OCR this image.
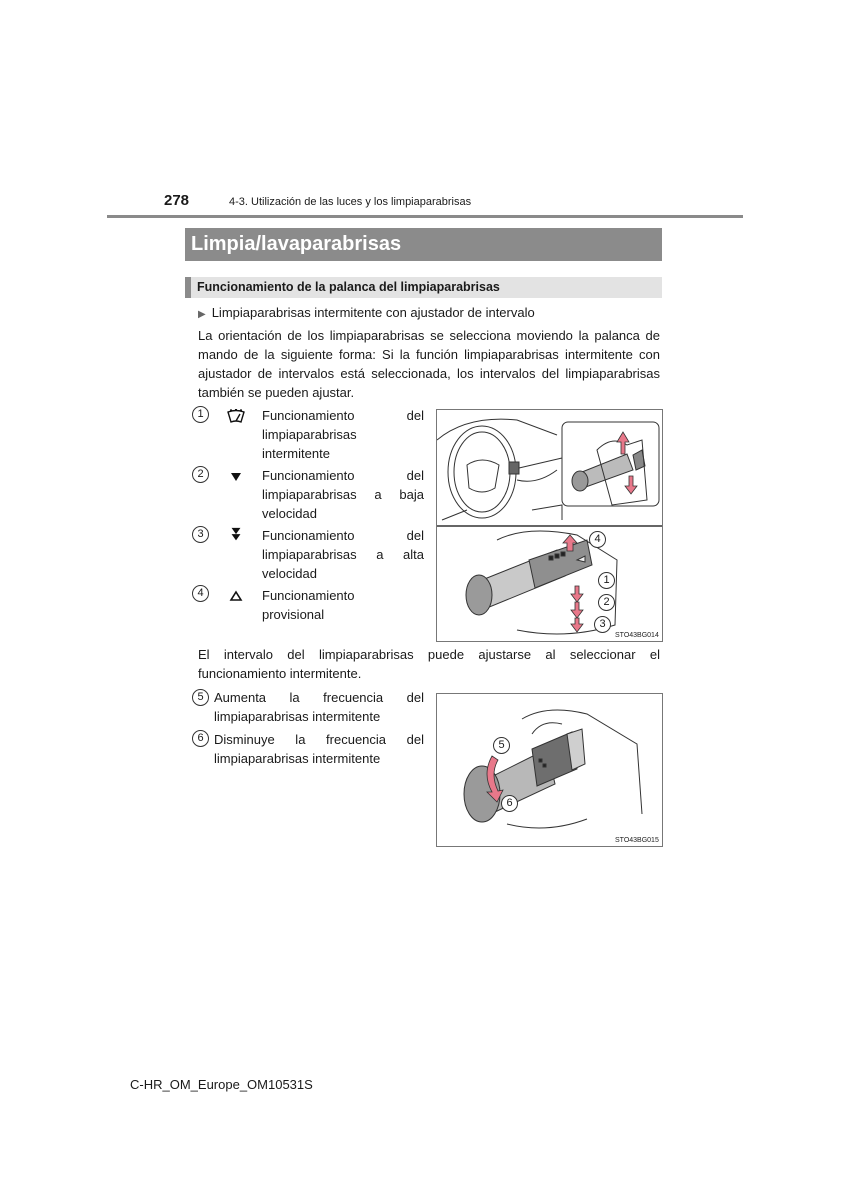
278	4-3. Utilización de las luces y los limpiaparabrisas
Limpia/lavaparabrisas
Funcionamiento de la palanca del limpiaparabrisas
▶ Limpiaparabrisas intermitente con ajustador de intervalo
La orientación de los limpiaparabrisas se selecciona moviendo la palanca de
mando de la siguiente forma: Si la función limpiaparabrisas intermitente con
ajustador de intervalos está seleccionada, los intervalos del limpiaparabrisas
también se pueden ajustar.
1	Funcionamiento del
limpiaparabrisas
intermitente
2	Funcionamiento del
limpiaparabrisas a baja
velocidad
3	Funcionamiento del
limpiaparabrisas a alta
velocidad
4	Funcionamiento
provisional
4
1
2
3
STO43BG014
El intervalo del limpiaparabrisas puede ajustarse al seleccionar el
funcionamiento intermitente.
5 Aumenta la frecuencia del
limpiaparabrisas intermitente
6 Disminuye la frecuencia del
limpiaparabrisas intermitente
5
6
STO43BG015
C-HR_OM_Europe_OM10531S
